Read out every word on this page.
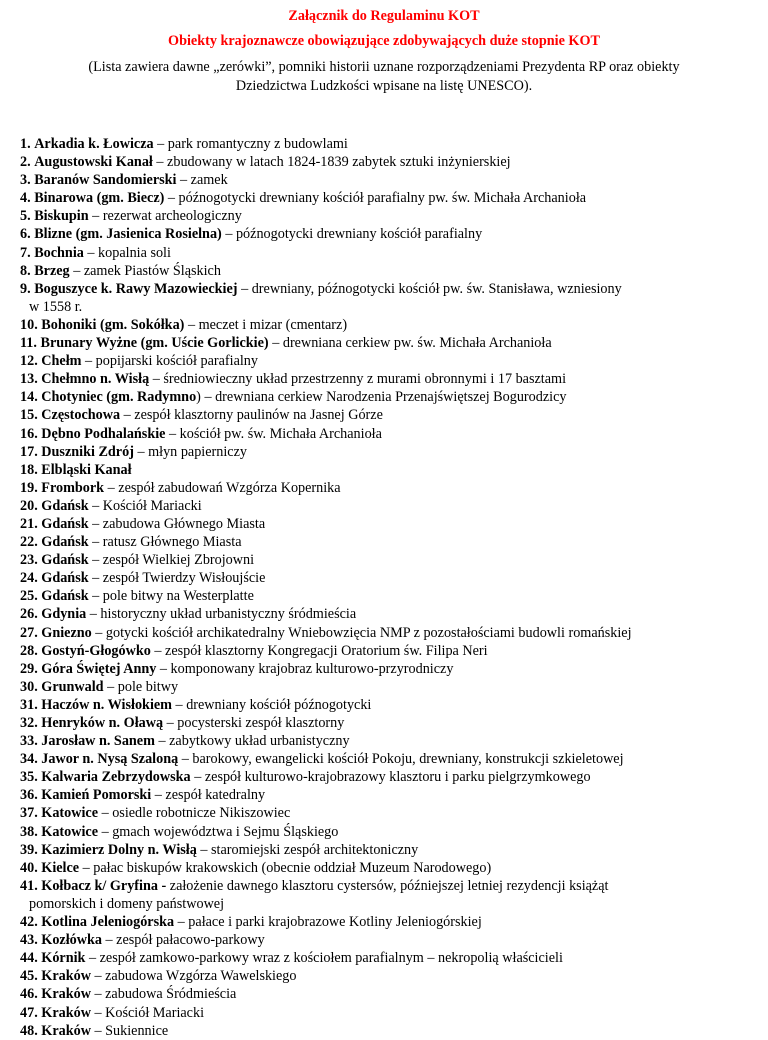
Załącznik do Regulaminu KOT
Obiekty krajoznawcze obowiązujące zdobywających duże stopnie KOT
(Lista zawiera dawne „zerówki”, pomniki historii uznane rozporządzeniami Prezydenta RP oraz obiekty
Dziedzictwa Ludzkości wpisane na listę UNESCO).
1. Arkadia k. Łowicza – park romantyczny z budowlami
2. Augustowski Kanał – zbudowany w latach 1824-1839 zabytek sztuki inżynierskiej
3. Baranów Sandomierski – zamek
4. Binarowa (gm. Biecz) – późnogotycki drewniany kościół parafialny pw. św. Michała Archanioła
5. Biskupin – rezerwat archeologiczny
6. Blizne (gm. Jasienica Rosielna) – późnogotycki drewniany kościół parafialny
7. Bochnia – kopalnia soli
8. Brzeg – zamek Piastów Śląskich
9. Boguszyce k. Rawy Mazowieckiej – drewniany, późnogotycki kościół pw. św. Stanisława, wzniesiony
w 1558 r.
10. Bohoniki (gm. Sokółka) – meczet i mizar (cmentarz)
11. Brunary Wyżne (gm. Uście Gorlickie) – drewniana cerkiew pw. św. Michała Archanioła
12. Chełm – popijarski kościół parafialny
13. Chełmno n. Wisłą – średniowieczny układ przestrzenny z murami obronnymi i 17 basztami
14. Chotyniec (gm. Radymno) – drewniana cerkiew Narodzenia Przenajświętszej Bogurodzicy
15. Częstochowa – zespół klasztorny paulinów na Jasnej Górze
16. Dębno Podhalańskie – kościół pw. św. Michała Archanioła
17. Duszniki Zdrój – młyn papierniczy
18. Elbląski Kanał
19. Frombork – zespół zabudowań Wzgórza Kopernika
20. Gdańsk – Kościół Mariacki
21. Gdańsk – zabudowa Głównego Miasta
22. Gdańsk – ratusz Głównego Miasta
23. Gdańsk – zespół Wielkiej Zbrojowni
24. Gdańsk – zespół Twierdzy Wisłoujście
25. Gdańsk – pole bitwy na Westerplatte
26. Gdynia – historyczny układ urbanistyczny śródmieścia
27. Gniezno – gotycki kościół archikatedralny Wniebowzięcia NMP z pozostałościami budowli romańskiej
28. Gostyń-Głogówko – zespół klasztorny Kongregacji Oratorium św. Filipa Neri
29. Góra Świętej Anny – komponowany krajobraz kulturowo-przyrodniczy
30. Grunwald – pole bitwy
31. Haczów n. Wisłokiem – drewniany kościół późnogotycki
32. Henryków n. Oławą – pocysterski zespół klasztorny
33. Jarosław n. Sanem – zabytkowy układ urbanistyczny
34. Jawor n. Nysą Szaloną – barokowy, ewangelicki kościół Pokoju, drewniany, konstrukcji szkieletowej
35. Kalwaria Zebrzydowska – zespół kulturowo-krajobrazowy klasztoru i parku pielgrzymkowego
36. Kamień Pomorski – zespół katedralny
37. Katowice – osiedle robotnicze Nikiszowiec
38. Katowice – gmach województwa i Sejmu Śląskiego
39. Kazimierz Dolny n. Wisłą – staromiejski zespół architektoniczny
40. Kielce – pałac biskupów krakowskich (obecnie oddział Muzeum Narodowego)
41. Kołbacz k/ Gryfina - założenie dawnego klasztoru cystersów, późniejszej letniej rezydencji książąt
pomorskich i domeny państwowej
42. Kotlina Jeleniogórska – pałace i parki krajobrazowe Kotliny Jeleniogórskiej
43. Kozłówka – zespół pałacowo-parkowy
44. Kórnik – zespół zamkowo-parkowy wraz z kościołem parafialnym – nekropolią właścicieli
45. Kraków – zabudowa Wzgórza Wawelskiego
46. Kraków – zabudowa Śródmieścia
47. Kraków – Kościół Mariacki
48. Kraków – Sukiennice
